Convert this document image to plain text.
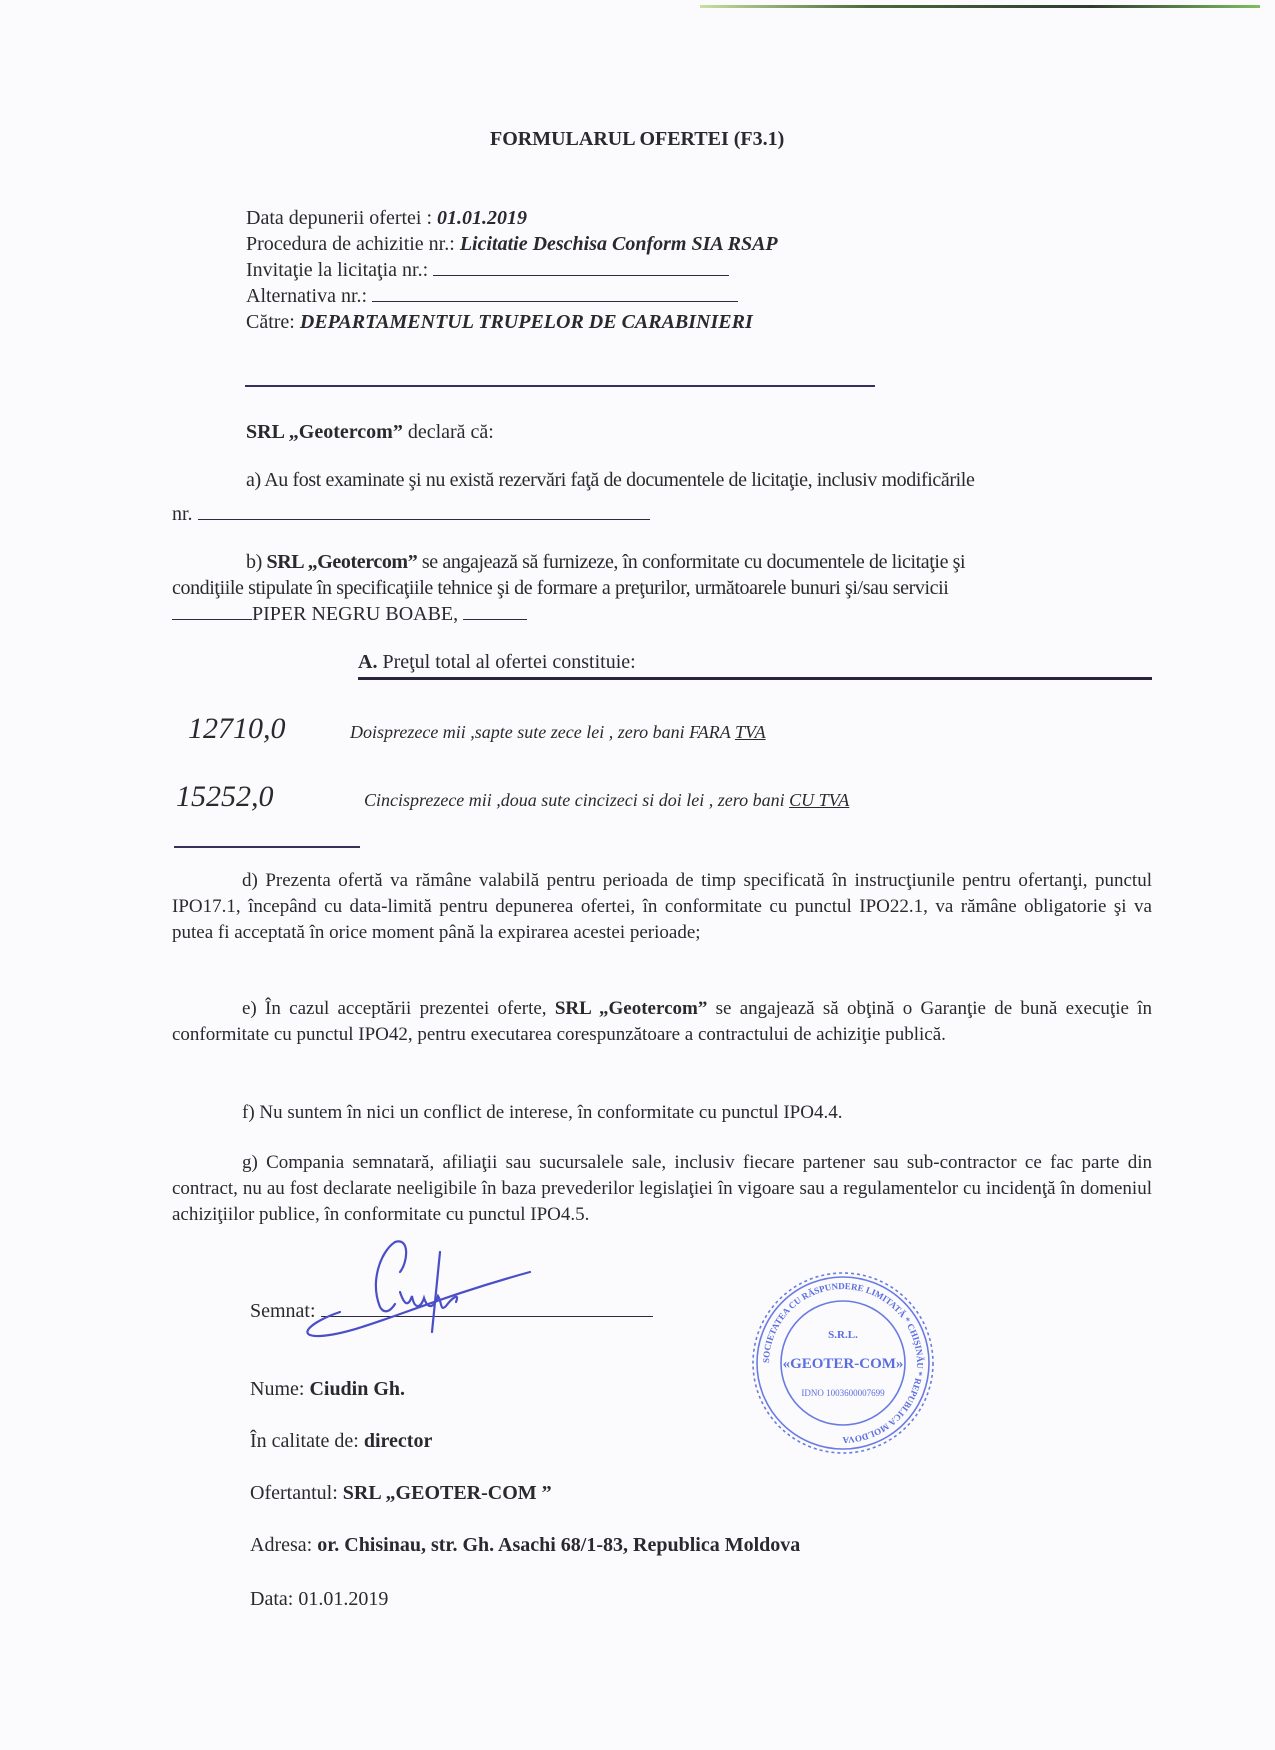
FORMULARUL OFERTEI (F3.1)
Data depunerii ofertei : 01.01.2019
Procedura de achizitie nr.: Licitatie Deschisa Conform SIA RSAP
Invitaţie la licitaţia nr.:
Alternativa nr.:
Către: DEPARTAMENTUL TRUPELOR DE CARABINIERI
SRL „Geotercom” declară că:
a) Au fost examinate şi nu există rezervări faţă de documentele de licitaţie, inclusiv modificările
nr.
b) SRL „Geotercom” se angajează să furnizeze, în conformitate cu documentele de licitaţie şi
condiţiile stipulate în specificaţiile tehnice şi de formare a preţurilor, următoarele bunuri şi/sau servicii
PIPER NEGRU BOABE,
A. Preţul total al ofertei constituie:
12710,0	Doisprezece mii ,sapte sute zece lei , zero bani FARA TVA
15252,0	Cincisprezece mii ,doua sute cincizeci si doi lei , zero bani CU TVA
d) Prezenta ofertă va rămâne valabilă pentru perioada de timp specificată în instrucţiunile pentru ofertanţi, punctul IPO17.1, începând cu data-limită pentru depunerea ofertei, în conformitate cu punctul IPO22.1, va rămâne obligatorie şi va putea fi acceptată în orice moment până la expirarea acestei perioade;
e) În cazul acceptării prezentei oferte, SRL „Geotercom” se angajează să obţină o Garanţie de bună execuţie în conformitate cu punctul IPO42, pentru executarea corespunzătoare a contractului de achiziţie publică.
f) Nu suntem în nici un conflict de interese, în conformitate cu punctul IPO4.4.
g) Compania semnatară, afiliaţii sau sucursalele sale, inclusiv fiecare partener sau sub-contractor ce fac parte din contract, nu au fost declarate neeligibile în baza prevederilor legislaţiei în vigoare sau a regulamentelor cu incidenţă în domeniul achiziţiilor publice, în conformitate cu punctul IPO4.5.
Semnat:
Nume: Ciudin Gh.
În calitate de: director
Ofertantul: SRL „GEOTER-COM ”
Adresa: or. Chisinau, str. Gh. Asachi 68/1-83, Republica Moldova
Data: 01.01.2019
SOCIETATEA CU RĂSPUNDERE LIMITATĂ * CHIŞINĂU * REPUBLICA MOLDOVA
S.R.L.
«GEOTER-COM»
IDNO 1003600007699
